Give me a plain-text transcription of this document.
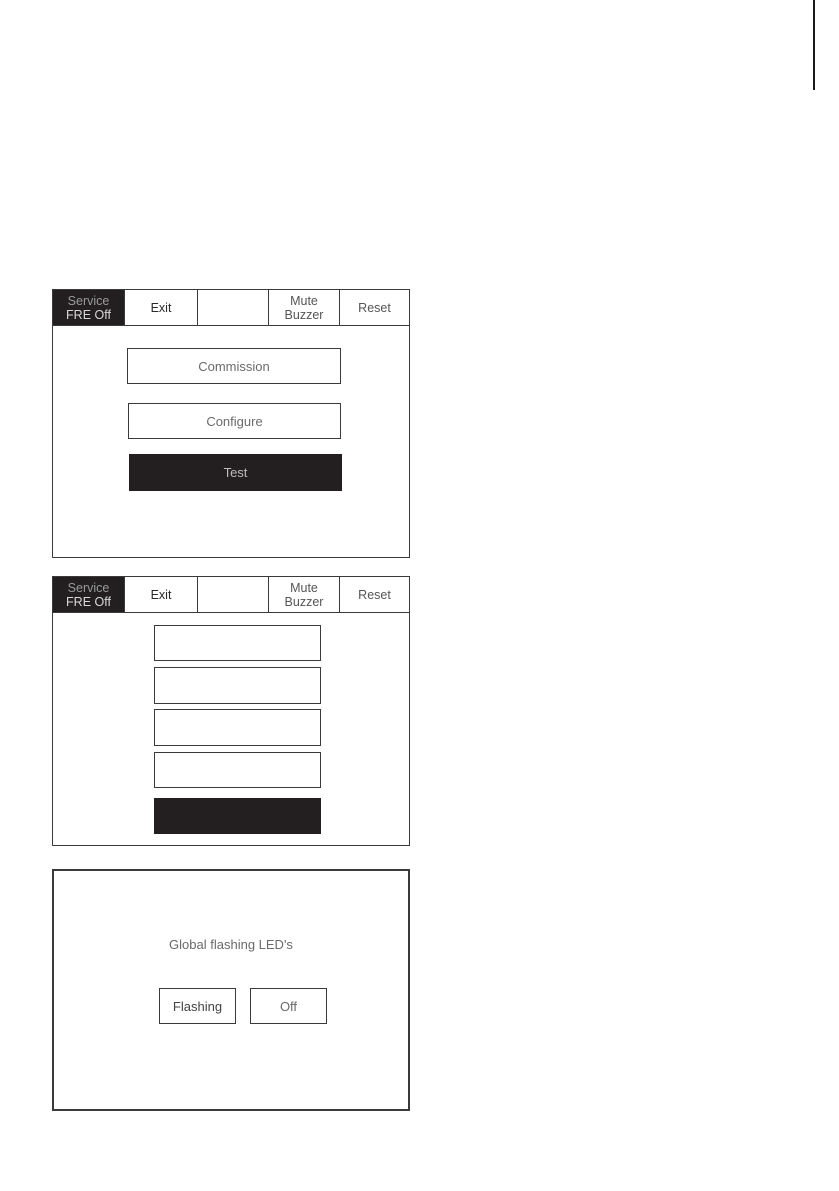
Service
FRE Off	Exit	Mute
Buzzer	Reset
Commission
Configure
Test
Service
FRE Off	Exit	Mute
Buzzer	Reset
Global flashing LED's
Flashing	Off
